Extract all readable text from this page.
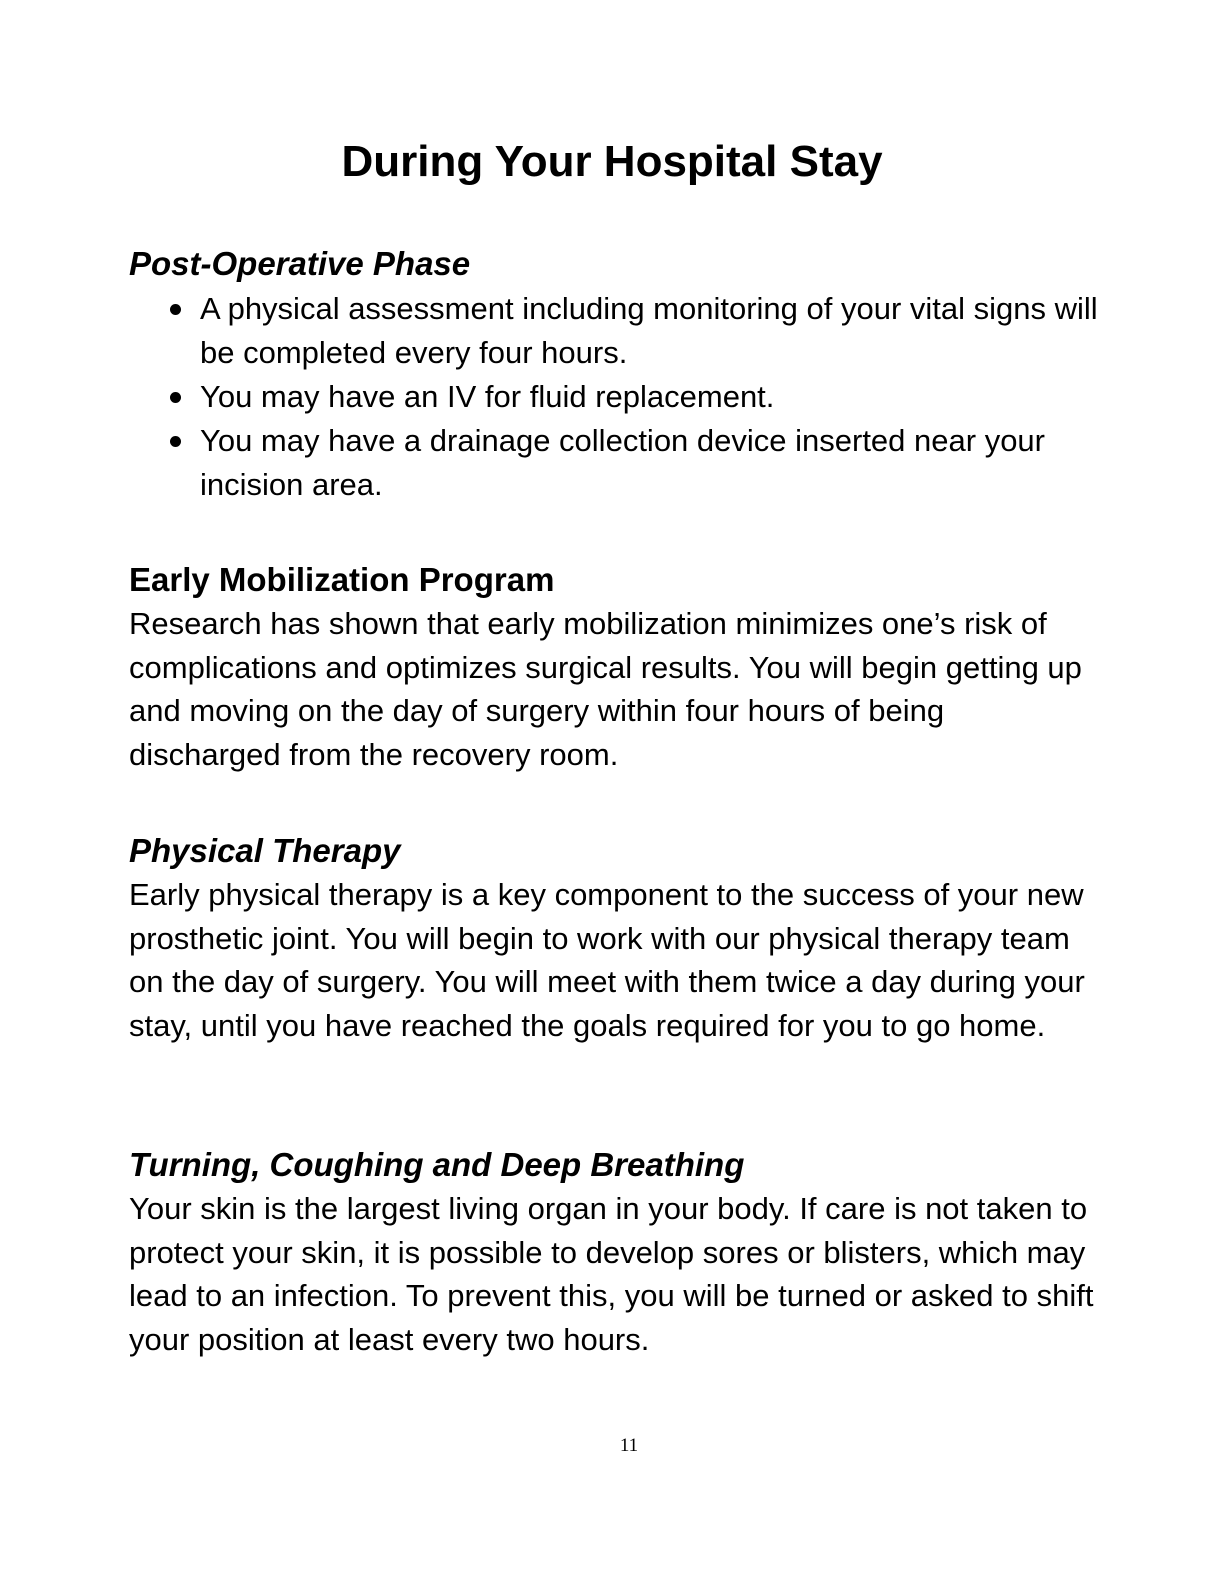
During Your Hospital Stay
Post-Operative Phase
A physical assessment including monitoring of your vital signs will be completed every four hours.
You may have an IV for fluid replacement.
You may have a drainage collection device inserted near your incision area.
Early Mobilization Program

Research has shown that early mobilization minimizes one’s risk of complications and optimizes surgical results. You will begin getting up and moving on the day of surgery within four hours of being discharged from the recovery room.

Physical Therapy

Early physical therapy is a key component to the success of your new prosthetic joint. You will begin to work with our physical therapy team on the day of surgery. You will meet with them twice a day during your stay, until you have reached the goals required for you to go home.

Turning, Coughing and Deep Breathing

Your skin is the largest living organ in your body. If care is not taken to protect your skin, it is possible to develop sores or blisters, which may lead to an infection. To prevent this, you will be turned or asked to shift your position at least every two hours.

11
